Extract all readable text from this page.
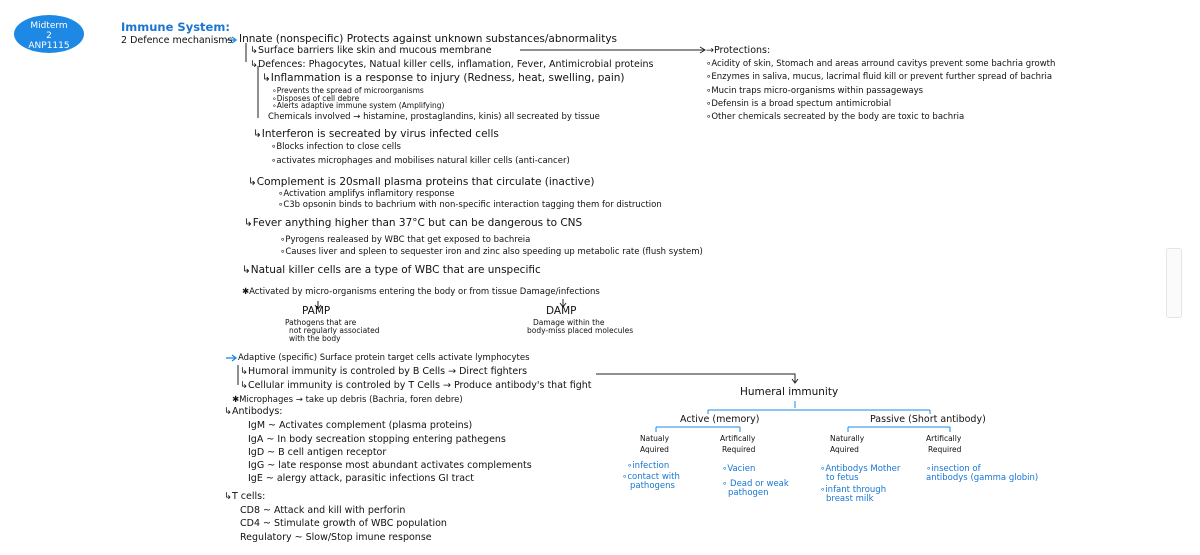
Midterm
2
ANP1115
Immune System:
2 Defence mechanisms Innate (nonspecific) Protects against unknown substances/abnormalitys
↳Surface barriers like skin and mucous membrane
↳Defences: Phagocytes, Natual killer cells, inflamation, Fever, Antimicrobial proteins
↳Inflammation is a response to injury (Redness, heat, swelling, pain)
∘Prevents the spread of microorganisms
∘Disposes of cell debre
∘Alerts adaptive immune system (Amplifying)
Chemicals involved → histamine, prostaglandins, kinis) all secreated by tissue
↳Interferon is secreated by virus infected cells
∘Blocks infection to close cells
∘activates microphages and mobilises natural killer cells (anti-cancer)
↳Complement is 20small plasma proteins that circulate (inactive)
∘Activation amplifys inflamitory response
∘C3b opsonin binds to bachrium with non-specific interaction tagging them for distruction
↳Fever anything higher than 37°C but can be dangerous to CNS
∘Pyrogens realeased by WBC that get exposed to bachreia
∘Causes liver and spleen to sequester iron and zinc also speeding up metabolic rate (flush system)
↳Natual killer cells are a type of WBC that are unspecific
✱Activated by micro-organisms entering the body or from tissue Damage/infections
PAMP
Pathogens that are
not regularly associated
with the body
DAMP
Damage within the
body-miss placed molecules
→Protections:
∘Acidity of skin, Stomach and areas arround cavitys prevent some bachria growth
∘Enzymes in saliva, mucus, lacrimal fluid kill or prevent further spread of bachria
∘Mucin traps micro-organisms within passageways
∘Defensin is a broad spectum antimicrobial
∘Other chemicals secreated by the body are toxic to bachria
Adaptive (specific) Surface protein target cells activate lymphocytes
↳Humoral immunity is controled by B Cells → Direct fighters
↳Cellular immunity is controled by T Cells → Produce antibody's that fight
✱Microphages → take up debris (Bachria, foren debre)
↳Antibodys:
IgM ~ Activates complement (plasma proteins)
IgA ~ In body secreation stopping entering pathegens
IgD ~ B cell antigen receptor
IgG ~ late response most abundant activates complements
IgE ~ alergy attack, parasitic infections GI tract
↳T cells:
CD8 ~ Attack and kill with perforin
CD4 ~ Stimulate growth of WBC population
Regulatory ~ Slow/Stop imune response
Humeral immunity
Active (memory)	Passive (Short antibody)
Natualy
Aquired
Artifically
Required
Naturally
Aquired
Artifically
Required
∘infection
∘contact with
pathogens
∘Vacien
∘ Dead or weak
pathogen
∘Antibodys Mother
to fetus
∘infant through
breast milk
∘insection of
antibodys (gamma globin)
